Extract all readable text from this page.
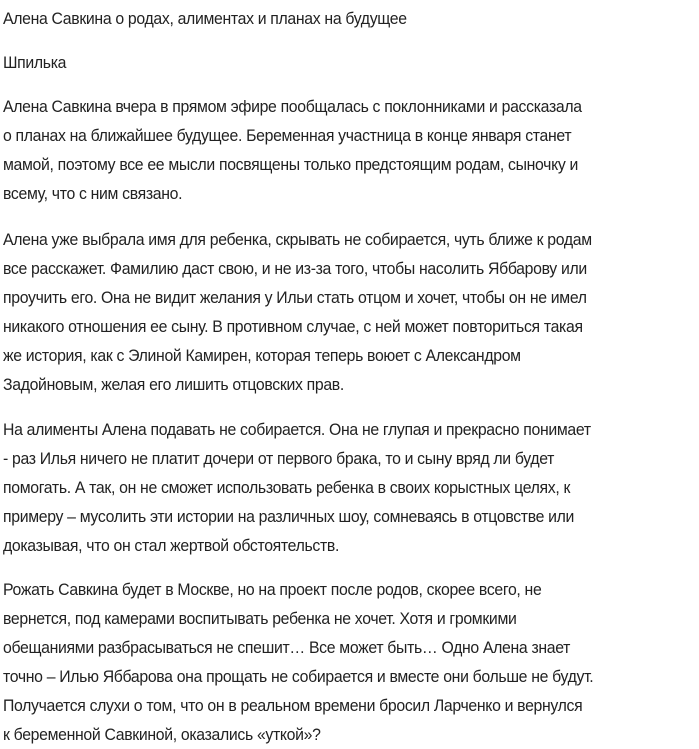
Алена Савкина о родах, алиментах и планах на будущее
Шпилька
Алена Савкина вчера в прямом эфире пообщалась с поклонниками и рассказала
о планах на ближайшее будущее. Беременная участница в конце января станет
мамой, поэтому все ее мысли посвящены только предстоящим родам, сыночку и
всему, что с ним связано.
Алена уже выбрала имя для ребенка, скрывать не собирается, чуть ближе к родам
все расскажет. Фамилию даст свою, и не из-за того, чтобы насолить Яббарову или
проучить его. Она не видит желания у Ильи стать отцом и хочет, чтобы он не имел
никакого отношения ее сыну. В противном случае, с ней может повториться такая
же история, как с Элиной Камирен, которая теперь воюет с Александром
Задойновым, желая его лишить отцовских прав.
На алименты Алена подавать не собирается. Она не глупая и прекрасно понимает
- раз Илья ничего не платит дочери от первого брака, то и сыну вряд ли будет
помогать. А так, он не сможет использовать ребенка в своих корыстных целях, к
примеру – мусолить эти истории на различных шоу, сомневаясь в отцовстве или
доказывая, что он стал жертвой обстоятельств.
Рожать Савкина будет в Москве, но на проект после родов, скорее всего, не
вернется, под камерами воспитывать ребенка не хочет. Хотя и громкими
обещаниями разбрасываться не спешит… Все может быть… Одно Алена знает
точно – Илью Яббарова она прощать не собирается и вместе они больше не будут.
Получается слухи о том, что он в реальном времени бросил Ларченко и вернулся
к беременной Савкиной, оказались «уткой»?
